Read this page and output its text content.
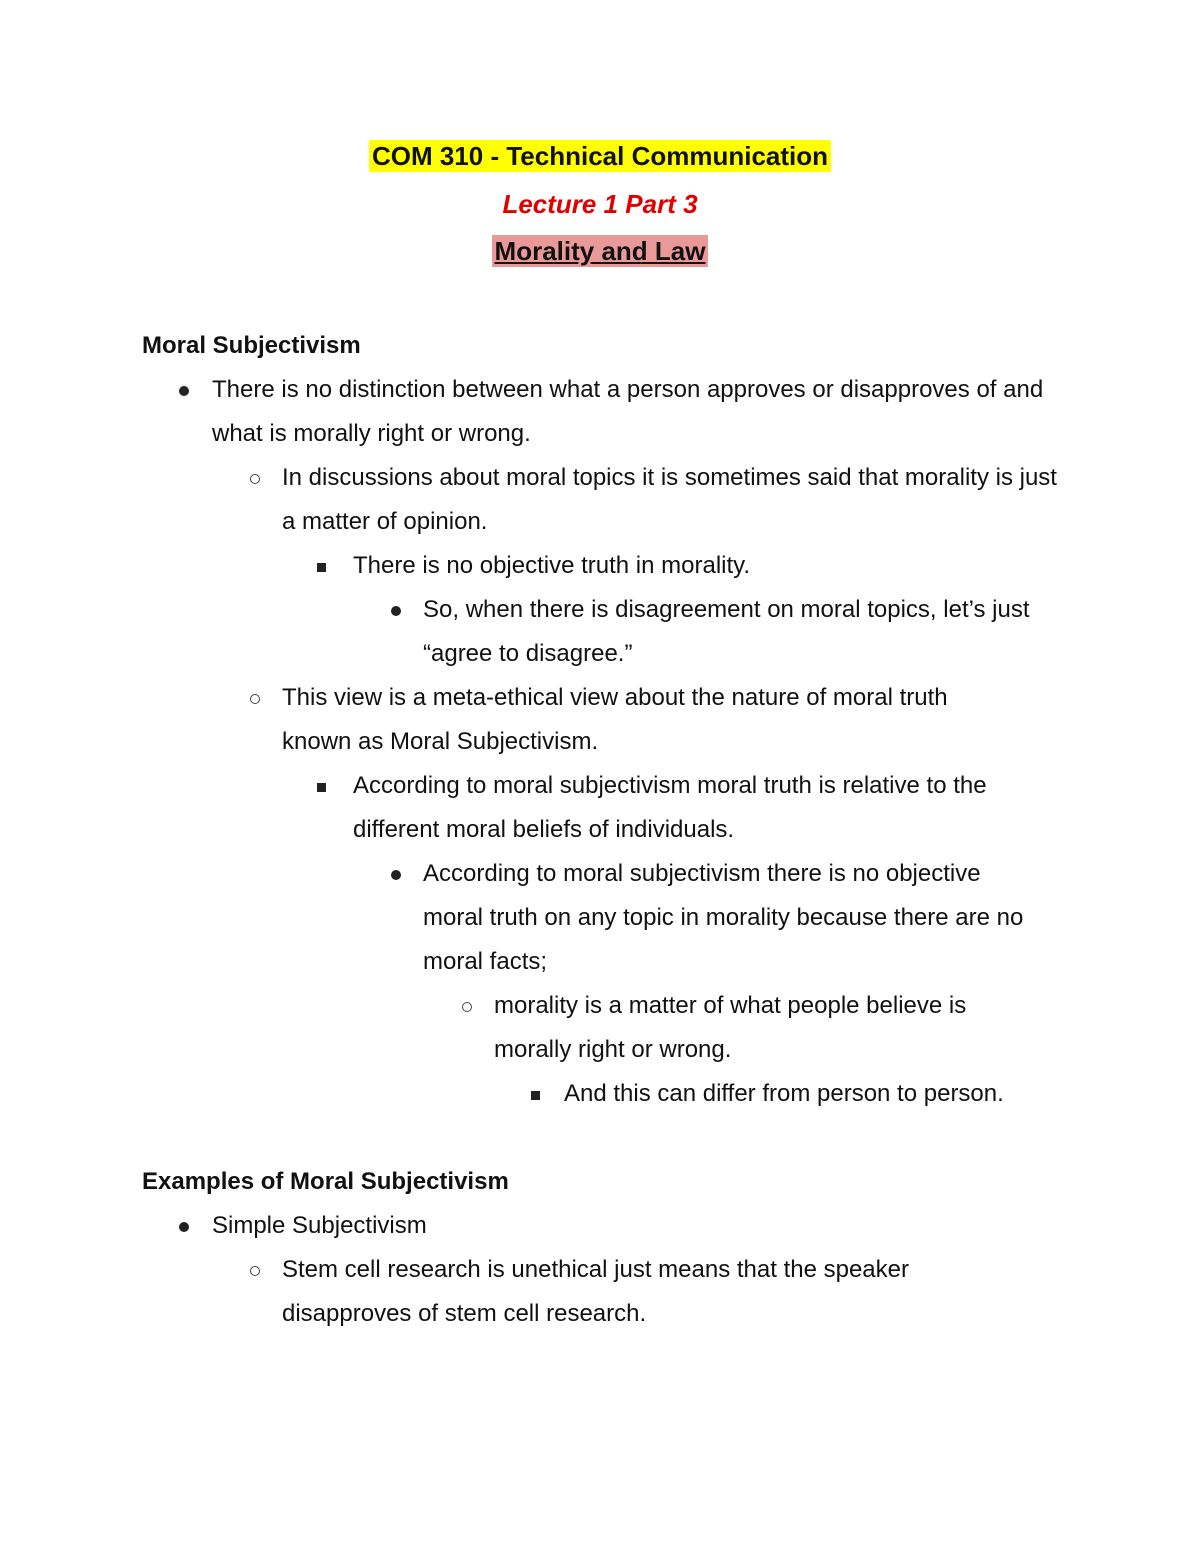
COM 310 - Technical Communication
Lecture 1 Part 3
Morality and Law
Moral Subjectivism
There is no distinction between what a person approves or disapproves of and what is morally right or wrong.
In discussions about moral topics it is sometimes said that morality is just a matter of opinion.
There is no objective truth in morality.
So, when there is disagreement on moral topics, let’s just “agree to disagree.”
This view is a meta-ethical view about the nature of moral truth known as Moral Subjectivism.
According to moral subjectivism moral truth is relative to the different moral beliefs of individuals.
According to moral subjectivism there is no objective moral truth on any topic in morality because there are no moral facts;
morality is a matter of what people believe is morally right or wrong.
And this can differ from person to person.
Examples of Moral Subjectivism
Simple Subjectivism
Stem cell research is unethical just means that the speaker disapproves of stem cell research.
